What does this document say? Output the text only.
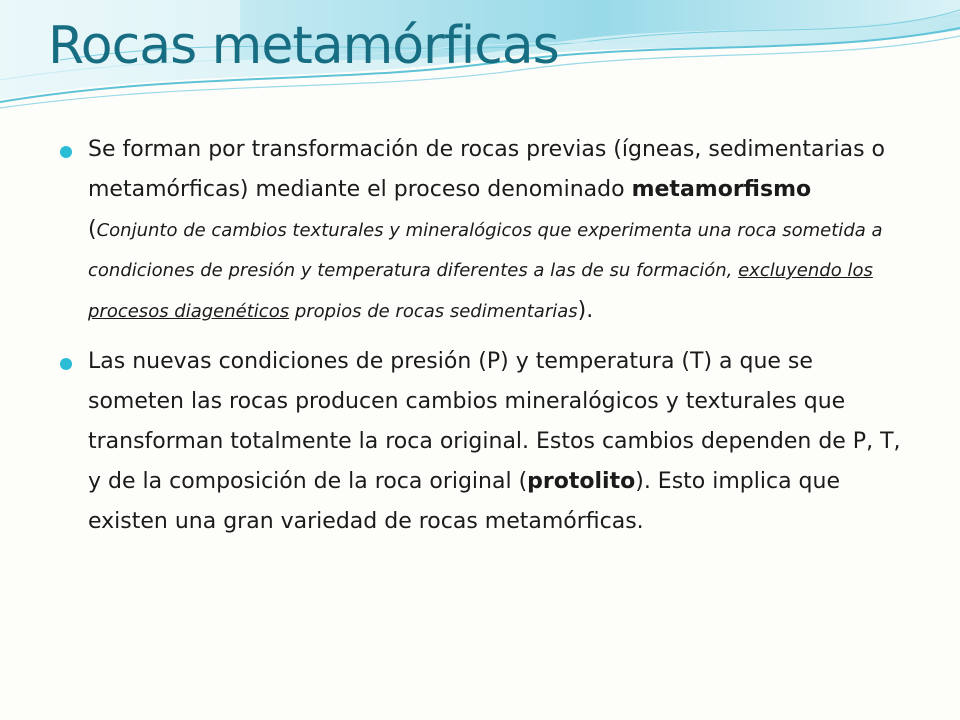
Rocas metamórficas
Se forman por transformación de rocas previas (ígneas, sedimentarias o metamórficas) mediante el proceso denominado metamorfismo (Conjunto de cambios texturales y mineralógicos que experimenta una roca sometida a condiciones de presión y temperatura diferentes a las de su formación, excluyendo los procesos diagenéticos propios de rocas sedimentarias).
Las nuevas condiciones de presión (P) y temperatura (T) a que se someten las rocas producen cambios mineralógicos y texturales que transforman totalmente la roca original. Estos cambios dependen de P, T, y de la composición de la roca original (protolito). Esto implica que existen una gran variedad de rocas metamórficas.
